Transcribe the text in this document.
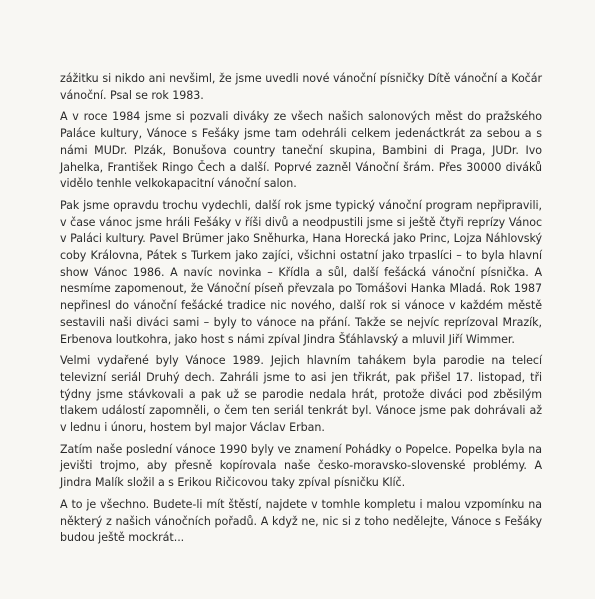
zážitku si nikdo ani nevšiml, že jsme uvedli nové vánoční písničky Dítě vánoční a Kočár vánoční. Psal se rok 1983.

A v roce 1984 jsme si pozvali diváky ze všech našich salonových měst do pražského Paláce kultury, Vánoce s Fešáky jsme tam odehráli celkem jedenáctkrát za sebou a s námi MUDr. Plzák, Bonušova country taneční skupina, Bambini di Praga, JUDr. Ivo Jahelka, František Ringo Čech a další. Poprvé zazněl Vánoční šrám. Přes 30000 diváků vidělo tenhle velkokapacitní vánoční salon.

Pak jsme opravdu trochu vydechli, další rok jsme typický vánoční program nepřipravili, v čase vánoc jsme hráli Fešáky v říši divů a neodpustili jsme si ještě čtyři reprízy Vánoc v Paláci kultury. Pavel Brümer jako Sněhurka, Hana Horecká jako Princ, Lojza Náhlovský coby Královna, Pátek s Turkem jako zajíci, všichni ostatní jako trpaslíci – to byla hlavní show Vánoc 1986. A navíc novinka – Křídla a sůl, další fešácká vánoční písnička. A nesmíme zapomenout, že Vánoční píseň převzala po Tomášovi Hanka Mladá. Rok 1987 nepřinesl do vánoční fešácké tradice nic nového, další rok si vánoce v každém městě sestavili naši diváci sami – byly to vánoce na přání. Takže se nejvíc reprízoval Mrazík, Erbenova loutkohra, jako host s námi zpíval Jindra Šťáhlavský a mluvil Jiří Wimmer.

Velmi vydařené byly Vánoce 1989. Jejich hlavním tahákem byla parodie na telecí televizní seriál Druhý dech. Zahráli jsme to asi jen třikrát, pak přišel 17. listopad, tři týdny jsme stávkovali a pak už se parodie nedala hrát, protože diváci pod zběsilým tlakem událostí zapomněli, o čem ten seriál tenkrát byl. Vánoce jsme pak dohrávali až v lednu i únoru, hostem byl major Václav Erban.

Zatím naše poslední vánoce 1990 byly ve znamení Pohádky o Popelce. Popelka byla na jevišti trojmo, aby přesně kopírovala naše česko-moravsko-slovenské problémy. A Jindra Malík složil a s Erikou Ričicovou taky zpíval písničku Klíč.

A to je všechno. Budete-li mít štěstí, najdete v tomhle kompletu i malou vzpomínku na některý z našich vánočních pořadů. A když ne, nic si z toho nedělejte, Vánoce s Fešáky budou ještě mockrát...
